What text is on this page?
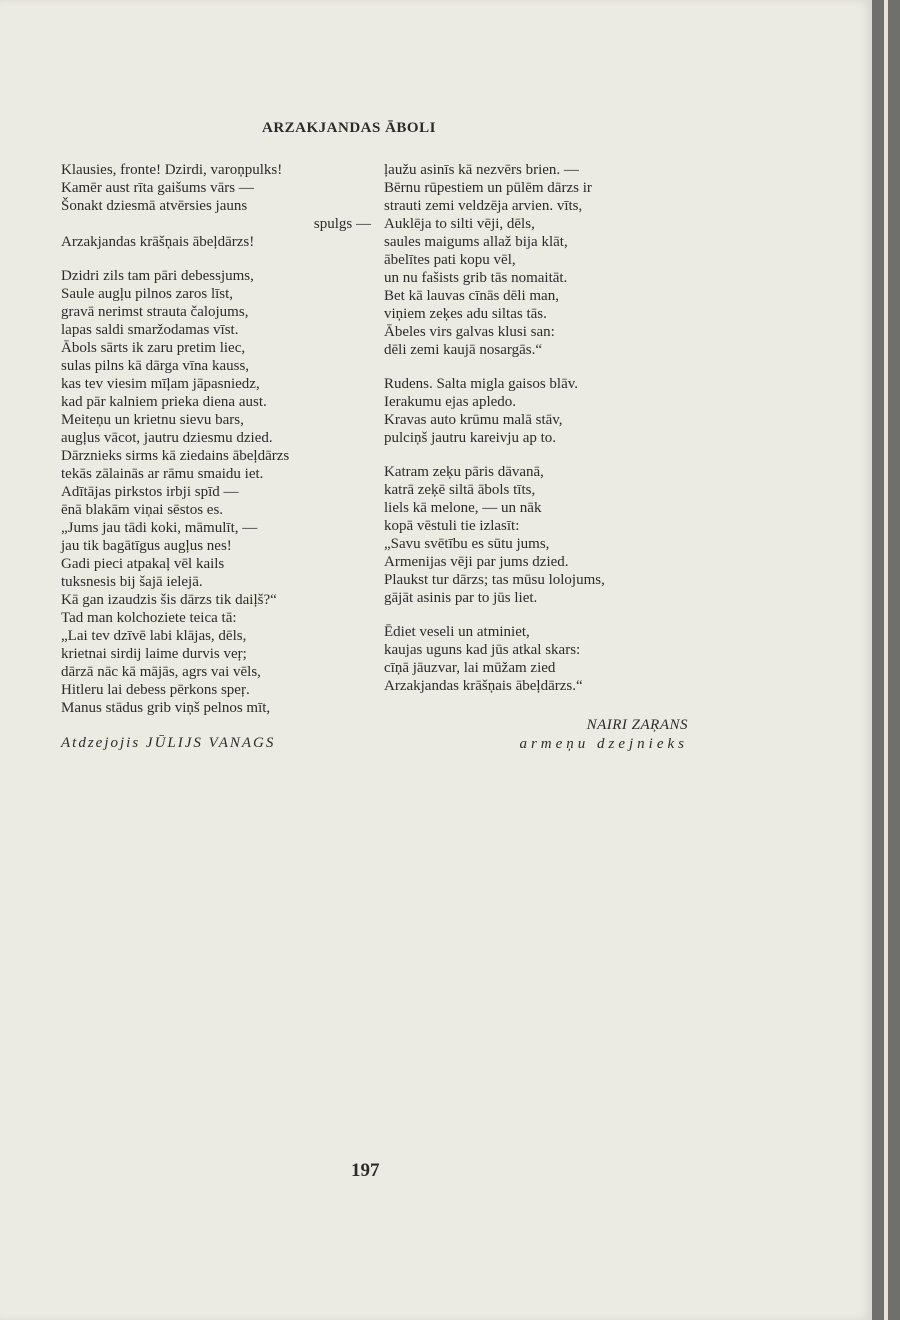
ARZAKJANDAS ĀBOLI
Klausies, fronte! Dzirdi, varoņpulks!
Kamēr aust rīta gaišums vārs —
Šonakt dziesmā atvērsies jauns
spulgs —
Arzakjandas krāšņais ābeļdārzs!
Dzidri zils tam pāri debessjums,
Saule augļu pilnos zaros līst,
gravā nerimst strauta čalojums,
lapas saldi smaržodamas vīst.
Ābols sārts ik zaru pretim liec,
sulas pilns kā dārga vīna kauss,
kas tev viesim mīļam jāpasniedz,
kad pār kalniem prieka diena aust.
Meiteņu un krietnu sievu bars,
augļus vācot, jautru dziesmu dzied.
Dārznieks sirms kā ziedains ābeļdārzs
tekās zālainās ar rāmu smaidu iet.
Adītājas pirkstos irbji spīd —
ēnā blakām viņai sēstos es.
„Jums jau tādi koki, māmulīt, —
jau tik bagātīgus augļus nes!
Gadi pieci atpakaļ vēl kails
tuksnesis bij šajā ielejā.
Kā gan izaudzis šis dārzs tik daiļš?“
Tad man kolchoziete teica tā:
„Lai tev dzīvē labi klājas, dēls,
krietnai sirdij laime durvis veŗ;
dārzā nāc kā mājās, agrs vai vēls,
Hitleru lai debess pērkons speŗ.
Manus stādus grib viņš pelnos mīt,
ļaužu asinīs kā nezvērs brien. —
Bērnu rūpestiem un pūlēm dārzs ir
strauti zemi veldzēja arvien. vīts,
Auklēja to silti vēji, dēls,
saules maigums allaž bija klāt,
ābelītes pati kopu vēl,
un nu fašists grib tās nomaitāt.
Bet kā lauvas cīnās dēli man,
viņiem zeķes adu siltas tās.
Ābeles virs galvas klusi san:
dēli zemi kaujā nosargās.“
Rudens. Salta migla gaisos blāv.
Ierakumu ejas apledo.
Kravas auto krūmu malā stāv,
pulciņš jautru kareivju ap to.
Katram zeķu pāris dāvanā,
katrā zeķē siltā ābols tīts,
liels kā melone, — un nāk
kopā vēstuli tie izlasīt:
„Savu svētību es sūtu jums,
Armenijas vēji par jums dzied.
Plaukst tur dārzs; tas mūsu lolojums,
gājāt asinis par to jūs liet.
Ēdiet veseli un atminiet,
kaujas uguns kad jūs atkal skars:
cīņā jāuzvar, lai mūžam zied
Arzakjandas krāšņais ābeļdārzs.“
Atdzejojis JŪLIJS VANAGS
NAIRI ZAŖANS
armeņu dzejnieks
197
